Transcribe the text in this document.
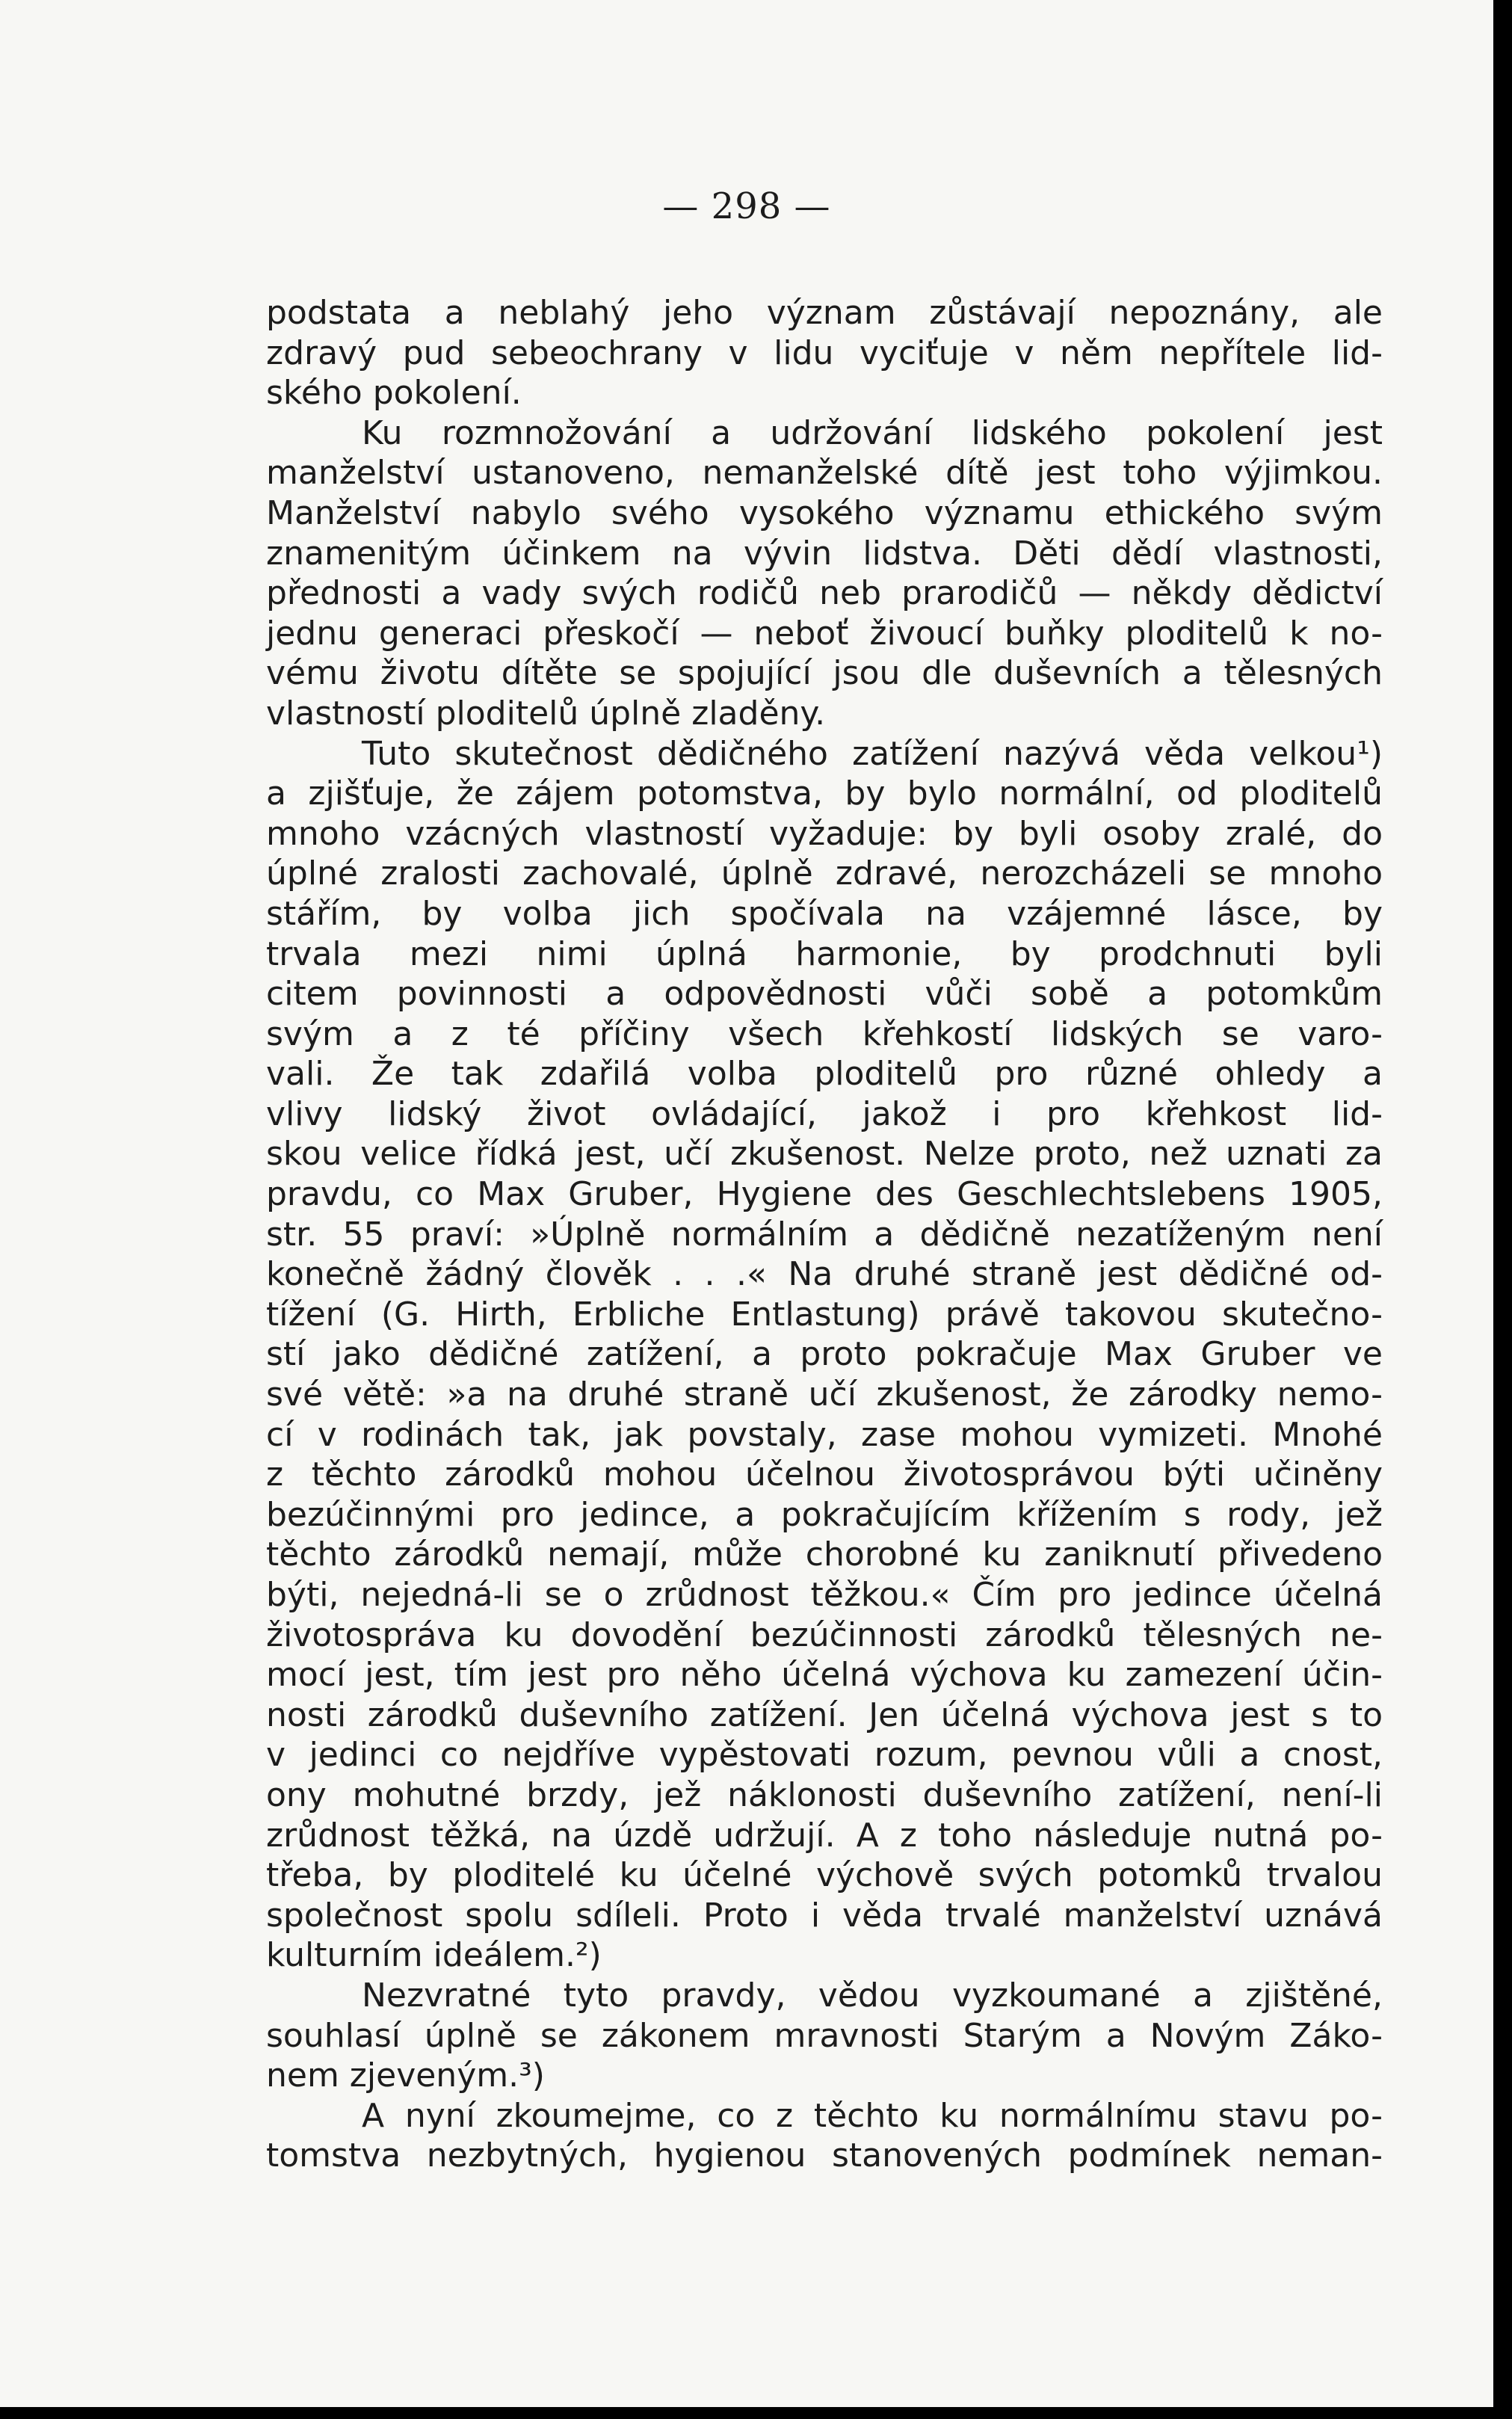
— 298 —
podstata a neblahý jeho význam zůstávají nepoznány, ale
zdravý pud sebeochrany v lidu vyciťuje v něm nepřítele lid-
ského pokolení.
Ku rozmnožování a udržování lidského pokolení jest
manželství ustanoveno, nemanželské dítě jest toho výjimkou.
Manželství nabylo svého vysokého významu ethického svým
znamenitým účinkem na vývin lidstva. Děti dědí vlastnosti,
přednosti a vady svých rodičů neb prarodičů — někdy dědictví
jednu generaci přeskočí — neboť živoucí buňky ploditelů k no-
vému životu dítěte se spojující jsou dle duševních a tělesných
vlastností ploditelů úplně zladěny.
Tuto skutečnost dědičného zatížení nazývá věda velkou¹)
a zjišťuje, že zájem potomstva, by bylo normální, od ploditelů
mnoho vzácných vlastností vyžaduje: by byli osoby zralé, do
úplné zralosti zachovalé, úplně zdravé, nerozcházeli se mnoho
stářím, by volba jich spočívala na vzájemné lásce, by
trvala mezi nimi úplná harmonie, by prodchnuti byli
citem povinnosti a odpovědnosti vůči sobě a potomkům
svým a z té příčiny všech křehkostí lidských se varo-
vali. Že tak zdařilá volba ploditelů pro různé ohledy a
vlivy lidský život ovládající, jakož i pro křehkost lid-
skou velice řídká jest, učí zkušenost. Nelze proto, než uznati za
pravdu, co Max Gruber, Hygiene des Geschlechtslebens 1905,
str. 55 praví: »Úplně normálním a dědičně nezatíženým není
konečně žádný člověk . . .« Na druhé straně jest dědičné od-
tížení (G. Hirth, Erbliche Entlastung) právě takovou skutečno-
stí jako dědičné zatížení, a proto pokračuje Max Gruber ve
své větě: »a na druhé straně učí zkušenost, že zárodky nemo-
cí v rodinách tak, jak povstaly, zase mohou vymizeti. Mnohé
z těchto zárodků mohou účelnou životosprávou býti učiněny
bezúčinnými pro jedince, a pokračujícím křížením s rody, jež
těchto zárodků nemají, může chorobné ku zaniknutí přivedeno
býti, nejedná-li se o zrůdnost těžkou.« Čím pro jedince účelná
životospráva ku dovodění bezúčinnosti zárodků tělesných ne-
mocí jest, tím jest pro něho účelná výchova ku zamezení účin-
nosti zárodků duševního zatížení. Jen účelná výchova jest s to
v jedinci co nejdříve vypěstovati rozum, pevnou vůli a cnost,
ony mohutné brzdy, jež náklonosti duševního zatížení, není-li
zrůdnost těžká, na úzdě udržují. A z toho následuje nutná po-
třeba, by ploditelé ku účelné výchově svých potomků trvalou
společnost spolu sdíleli. Proto i věda trvalé manželství uznává
kulturním ideálem.²)
Nezvratné tyto pravdy, vědou vyzkoumané a zjištěné,
souhlasí úplně se zákonem mravnosti Starým a Novým Záko-
nem zjeveným.³)
A nyní zkoumejme, co z těchto ku normálnímu stavu po-
tomstva nezbytných, hygienou stanovených podmínek neman-
